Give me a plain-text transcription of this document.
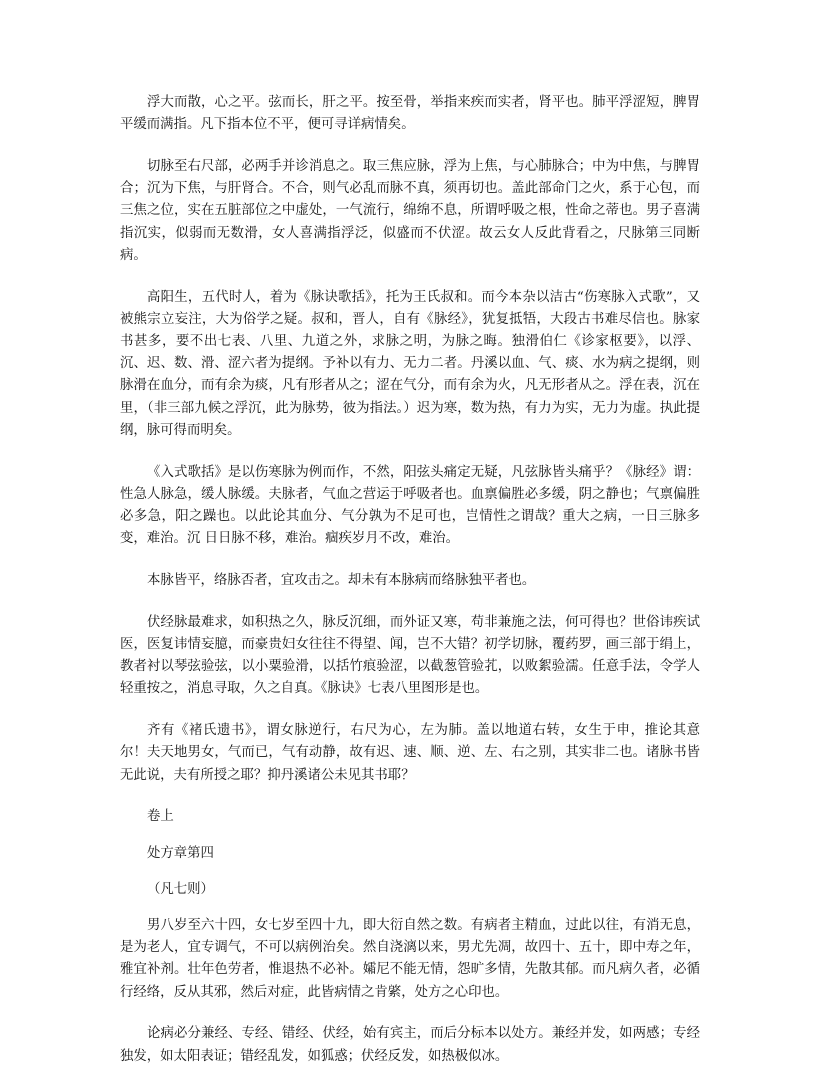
浮大而散，心之平。弦而长，肝之平。按至骨，举指来疾而实者，肾平也。肺平浮涩短，脾胃平缓而满指。凡下指本位不平，便可寻详病情矣。

切脉至右尺部，必两手并诊消息之。取三焦应脉，浮为上焦，与心肺脉合；中为中焦，与脾胃合；沉为下焦，与肝肾合。不合，则气必乱而脉不真，须再切也。盖此部命门之火，系于心包，而三焦之位，实在五脏部位之中虚处，一气流行，绵绵不息，所谓呼吸之根，性命之蒂也。男子喜满指沉实，似弱而无数滑，女人喜满指浮泛，似盛而不伏涩。故云女人反此背看之，尺脉第三同断病。

高阳生，五代时人，着为《脉诀歌括》，托为王氏叔和。而今本杂以洁古“伤寒脉入式歌”，又被熊宗立妄注，大为俗学之疑。叔和，晋人，自有《脉经》，犹复抵牾，大段古书难尽信也。脉家书甚多，要不出七表、八里、九道之外，求脉之明，为脉之晦。独滑伯仁《诊家枢要》，以浮、沉、迟、数、滑、涩六者为提纲。予补以有力、无力二者。丹溪以血、气、痰、水为病之提纲，则脉滑在血分，而有余为痰，凡有形者从之；涩在气分，而有余为火，凡无形者从之。浮在表，沉在里，（非三部九候之浮沉，此为脉势，彼为指法。）迟为寒，数为热，有力为实，无力为虚。执此提纲，脉可得而明矣。

《入式歌括》是以伤寒脉为例而作，不然，阳弦头痛定无疑，凡弦脉皆头痛乎？《脉经》谓：性急人脉急，缓人脉缓。夫脉者，气血之营运于呼吸者也。血禀偏胜必多缓，阴之静也；气禀偏胜必多急，阳之躁也。以此论其血分、气分孰为不足可也，岂情性之谓哉？重大之病，一日三脉多变，难治。沉 日日脉不移，难治。痼疾岁月不改，难治。

本脉皆平，络脉否者，宜攻击之。却未有本脉病而络脉独平者也。

伏经脉最难求，如积热之久，脉反沉细，而外证又寒，苟非兼施之法，何可得也？世俗讳疾试医，医复讳情妄臆，而豪贵妇女往往不得望、闻，岂不大错？初学切脉，覆药罗，画三部于绢上，教者衬以琴弦验弦，以小粟验滑，以括竹痕验涩，以截葱管验芤，以败絮验濡。任意手法，令学人轻重按之，消息寻取，久之自真。《脉诀》七表八里图形是也。

齐有《褚氏遗书》，谓女脉逆行，右尺为心，左为肺。盖以地道右转，女生于申，推论其意尔！夫天地男女，气而已，气有动静，故有迟、速、顺、逆、左、右之别，其实非二也。诸脉书皆无此说，夫有所授之耶？抑丹溪诸公未见其书耶？

卷上

处方章第四

（凡七则）

男八岁至六十四，女七岁至四十九，即大衍自然之数。有病者主精血，过此以往，有消无息，是为老人，宜专调气，不可以病例治矣。然自浇漓以来，男尤先凋，故四十、五十，即中寿之年，雅宜补剂。壮年色劳者，惟退热不必补。孀尼不能无情，怨旷多情，先散其郁。而凡病久者，必循行经络，反从其邪，然后对症，此皆病情之肯綮，处方之心印也。

论病必分兼经、专经、错经、伏经，始有宾主，而后分标本以处方。兼经并发，如两感；专经独发，如太阳表证；错经乱发，如狐惑；伏经反发，如热极似冰。
